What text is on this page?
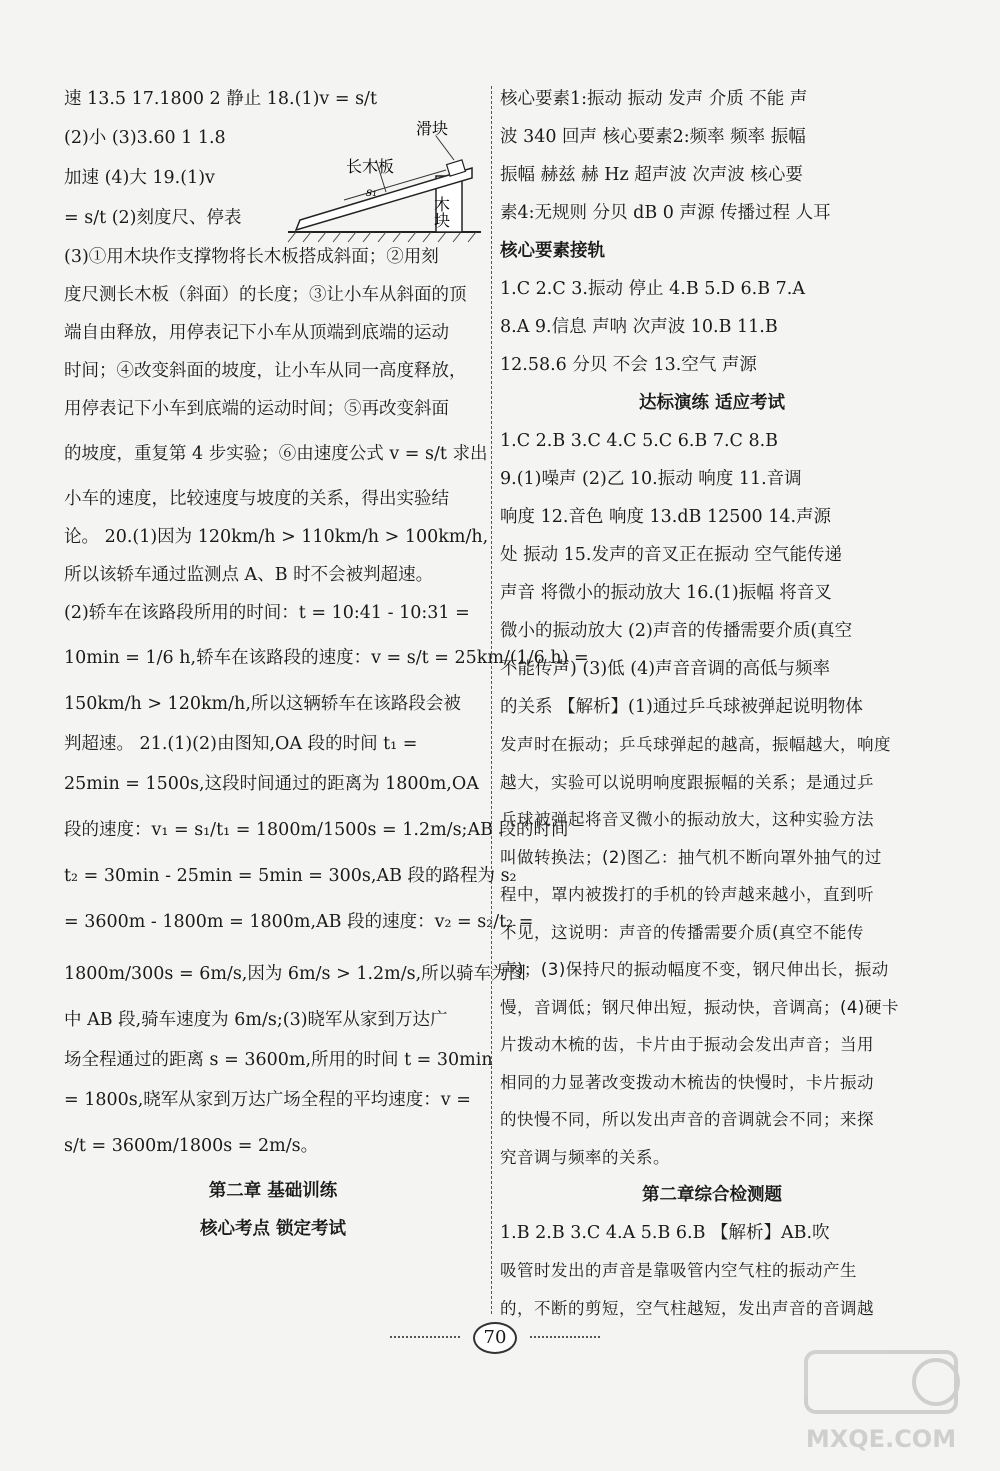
速 13.5 17.1800 2 静止 18.(1)v = s/t
(2)小 (3)3.60 1 1.8
加速 (4)大 19.(1)v
= s/t (2)刻度尺、停表
(3)①用木块作支撑物将长木板搭成斜面；②用刻
度尺测长木板（斜面）的长度；③让小车从斜面的顶
端自由释放，用停表记下小车从顶端到底端的运动
时间；④改变斜面的坡度，让小车从同一高度释放，
用停表记下小车到底端的运动时间；⑤再改变斜面
的坡度，重复第 4 步实验；⑥由速度公式 v = s/t 求出
小车的速度，比较速度与坡度的关系，得出实验结
论。 20.(1)因为 120km/h > 110km/h > 100km/h,
所以该轿车通过监测点 A、B 时不会被判超速。
(2)轿车在该路段所用的时间：t = 10:41 - 10:31 =
10min = 1/6 h,轿车在该路段的速度：v = s/t = 25km/(1/6 h) =
150km/h > 120km/h,所以这辆轿车在该路段会被
判超速。 21.(1)(2)由图知,OA 段的时间 t₁ =
25min = 1500s,这段时间通过的距离为 1800m,OA
段的速度：v₁ = s₁/t₁ = 1800m/1500s = 1.2m/s;AB 段的时间
t₂ = 30min - 25min = 5min = 300s,AB 段的路程为 s₂
= 3600m - 1800m = 1800m,AB 段的速度：v₂ = s₂/t₂ =
1800m/300s = 6m/s,因为 6m/s > 1.2m/s,所以骑车为图
中 AB 段,骑车速度为 6m/s;(3)晓军从家到万达广
场全程通过的距离 s = 3600m,所用的时间 t = 30min
= 1800s,晓军从家到万达广场全程的平均速度：v =
s/t = 3600m/1800s = 2m/s。
第二章 基础训练
核心考点 锁定考试
长木板
滑块
s₁
木块
核心要素1:振动 振动 发声 介质 不能 声
波 340 回声 核心要素2:频率 频率 振幅
振幅 赫兹 赫 Hz 超声波 次声波 核心要
素4:无规则 分贝 dB 0 声源 传播过程 人耳
核心要素接轨
1.C 2.C 3.振动 停止 4.B 5.D 6.B 7.A
8.A 9.信息 声呐 次声波 10.B 11.B
12.58.6 分贝 不会 13.空气 声源
达标演练 适应考试
1.C 2.B 3.C 4.C 5.C 6.B 7.C 8.B
9.(1)噪声 (2)乙 10.振动 响度 11.音调
响度 12.音色 响度 13.dB 12500 14.声源
处 振动 15.发声的音叉正在振动 空气能传递
声音 将微小的振动放大 16.(1)振幅 将音叉
微小的振动放大 (2)声音的传播需要介质(真空
不能传声) (3)低 (4)声音音调的高低与频率
的关系 【解析】(1)通过乒乓球被弹起说明物体
发声时在振动；乒乓球弹起的越高，振幅越大，响度
越大，实验可以说明响度跟振幅的关系；是通过乒
乓球被弹起将音叉微小的振动放大，这种实验方法
叫做转换法；(2)图乙：抽气机不断向罩外抽气的过
程中，罩内被拨打的手机的铃声越来越小，直到听
不见，这说明：声音的传播需要介质(真空不能传
声)；(3)保持尺的振动幅度不变，钢尺伸出长，振动
慢，音调低；钢尺伸出短，振动快，音调高；(4)硬卡
片拨动木梳的齿，卡片由于振动会发出声音；当用
相同的力显著改变拨动木梳齿的快慢时，卡片振动
的快慢不同，所以发出声音的音调就会不同；来探
究音调与频率的关系。
第二章综合检测题
1.B 2.B 3.C 4.A 5.B 6.B 【解析】AB.吹
吸管时发出的声音是靠吸管内空气柱的振动产生
的，不断的剪短，空气柱越短，发出声音的音调越
70
MXQE.COM
